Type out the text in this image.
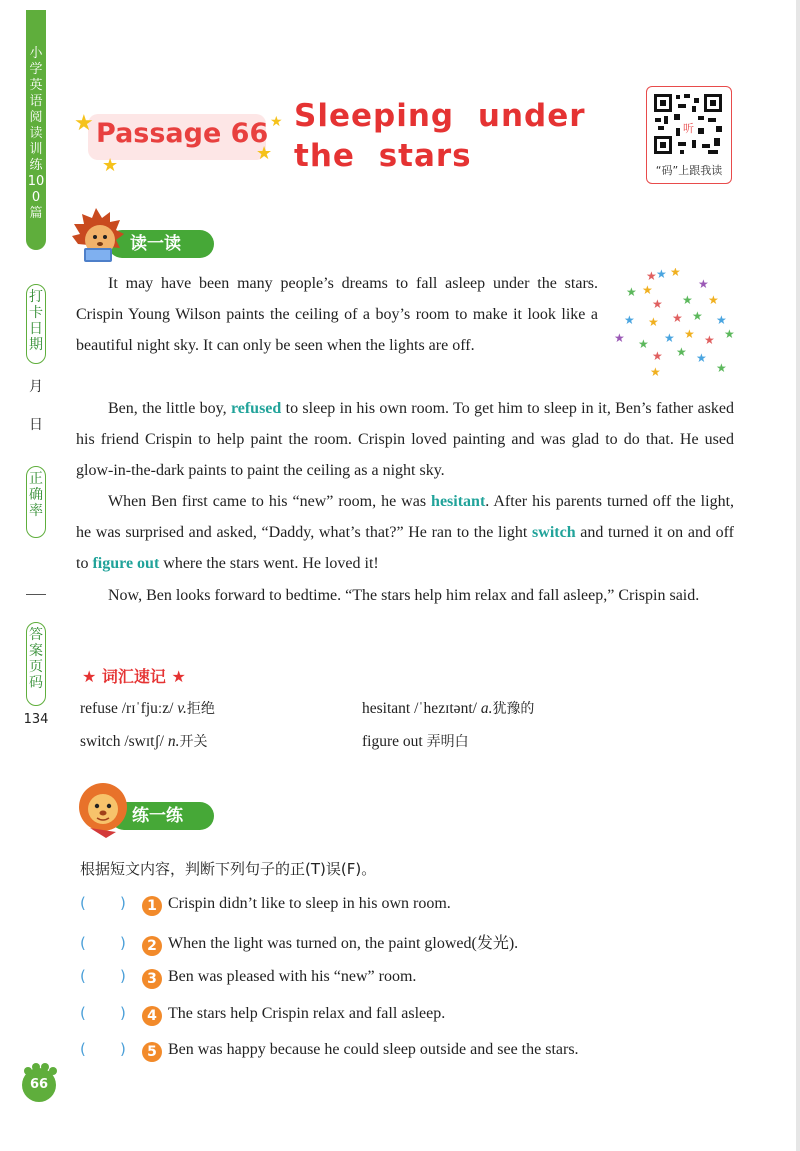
小学英语阅读训练100篇
打卡日期
月
日
正确率
答案页码
134
Passage 66
★
★
★
★ Sleeping under the stars
听
“码”上跟我读
读一读
★ ★ ★
★ ★	★
★ ★ ★
★ ★ ★ ★ ★
★ ★ ★ ★ ★ ★
★ ★ ★
★
★
It may have been many people’s dreams to fall asleep under the stars. Crispin Young Wilson paints the ceiling of a boy’s room to make it look like a beautiful night sky. It can only be seen when the lights are off.
Ben, the little boy, refused to sleep in his own room. To get him to sleep in it, Ben’s father asked his friend Crispin to help paint the room. Crispin loved painting and was glad to do that. He used glow-in-the-dark paints to paint the ceiling as a night sky.
When Ben first came to his “new” room, he was hesitant. After his parents turned off the light, he was surprised and asked, “Daddy, what’s that?” He ran to the light switch and turned it on and off to figure out where the stars went. He loved it!
Now, Ben looks forward to bedtime. “The stars help him relax and fall asleep,” Crispin said.
★ 词汇速记 ★
refuse /rɪˈfjuːz/ v.拒绝	hesitant /ˈhezɪtənt/ a.犹豫的
switch /swɪtʃ/ n.开关	figure out 弄明白
练一练
根据短文内容，判断下列句子的正(T)误(F)。
( ) 1 Crispin didn’t like to sleep in his own room.
( ) 2 When the light was turned on, the paint glowed(发光).
( ) 3 Ben was pleased with his “new” room.
( ) 4 The stars help Crispin relax and fall asleep.
( ) 5 Ben was happy because he could sleep outside and see the stars.
66
